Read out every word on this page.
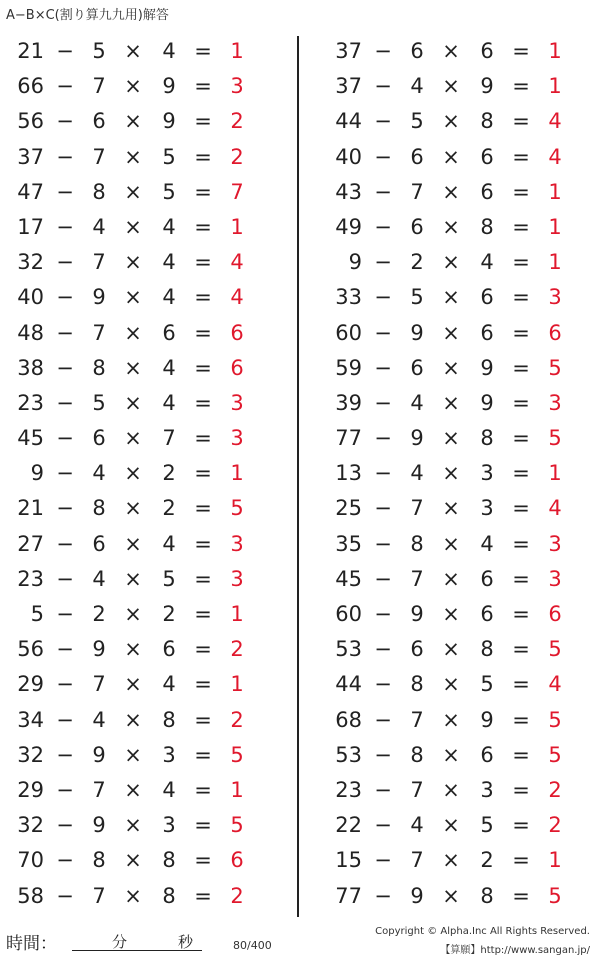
A−B×C(割り算九九用)解答
21 − 5 × 4 = 1
66 − 7 × 9 = 3
56 − 6 × 9 = 2
37 − 7 × 5 = 2
47 − 8 × 5 = 7
17 − 4 × 4 = 1
32 − 7 × 4 = 4
40 − 9 × 4 = 4
48 − 7 × 6 = 6
38 − 8 × 4 = 6
23 − 5 × 4 = 3
45 − 6 × 7 = 3
9 − 4 × 2 = 1
21 − 8 × 2 = 5
27 − 6 × 4 = 3
23 − 4 × 5 = 3
5 − 2 × 2 = 1
56 − 9 × 6 = 2
29 − 7 × 4 = 1
34 − 4 × 8 = 2
32 − 9 × 3 = 5
29 − 7 × 4 = 1
32 − 9 × 3 = 5
70 − 8 × 8 = 6
58 − 7 × 8 = 2
37 − 6 × 6 = 1
37 − 4 × 9 = 1
44 − 5 × 8 = 4
40 − 6 × 6 = 4
43 − 7 × 6 = 1
49 − 6 × 8 = 1
9 − 2 × 4 = 1
33 − 5 × 6 = 3
60 − 9 × 6 = 6
59 − 6 × 9 = 5
39 − 4 × 9 = 3
77 − 9 × 8 = 5
13 − 4 × 3 = 1
25 − 7 × 3 = 4
35 − 8 × 4 = 3
45 − 7 × 6 = 3
60 − 9 × 6 = 6
53 − 6 × 8 = 5
44 − 8 × 5 = 4
68 − 7 × 9 = 5
53 − 8 × 6 = 5
23 − 7 × 3 = 2
22 − 4 × 5 = 2
15 − 7 × 2 = 1
77 − 9 × 8 = 5
時間：	分	秒	80/400
Copyright © Alpha.Inc All Rights Reserved.
【算願】http://www.sangan.jp/
